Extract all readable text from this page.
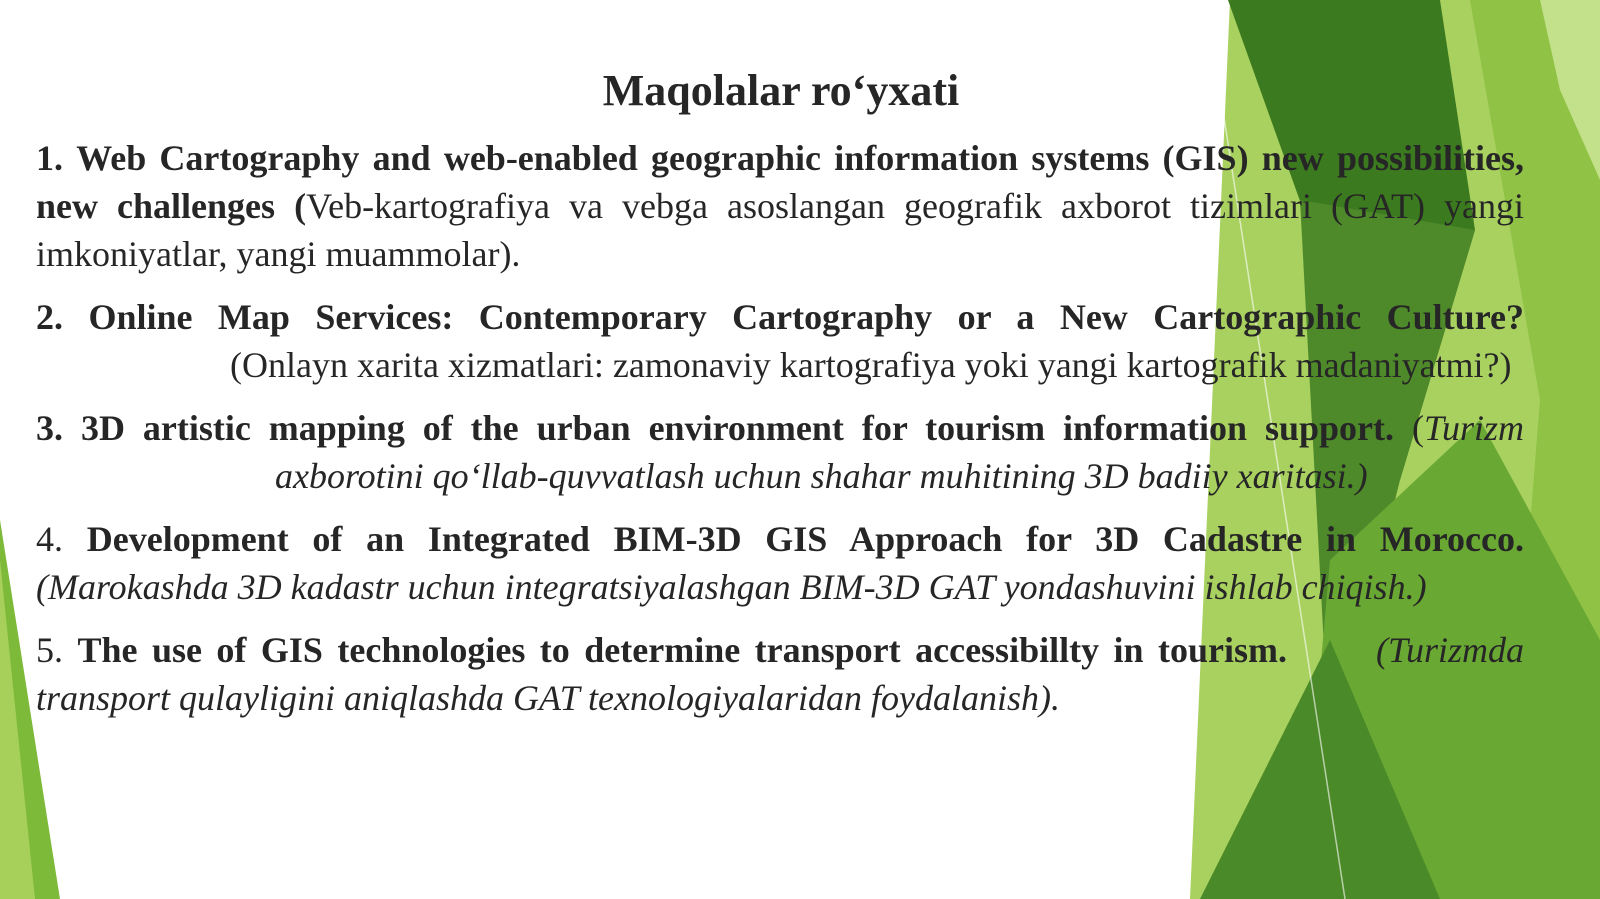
Maqolalar ro‘yxati

1. Web Cartography and web-enabled geographic information systems (GIS) new possibilities, new challenges (Veb-kartografiya va vebga asoslangan geografik axborot tizimlari (GAT) yangi imkoniyatlar, yangi muammolar).

2. Online Map Services: Contemporary Cartography or a New Cartographic Culture?  (Onlayn xarita xizmatlari: zamonaviy kartografiya yoki yangi kartografik madaniyatmi?)

3. 3D artistic mapping of the urban environment for tourism information support. (Turizm  axborotini qo‘llab-quvvatlash uchun shahar muhitining 3D badiiy xaritasi.)

4. Development of an Integrated BIM-3D GIS Approach for 3D Cadastre in Morocco. (Marokashda 3D kadastr uchun integratsiyalashgan BIM-3D GAT yondashuvini ishlab chiqish.)

5. The use of GIS technologies to determine transport accessibillty in tourism. (Turizmda transport qulayligini aniqlashda GAT texnologiyalaridan foydalanish).
